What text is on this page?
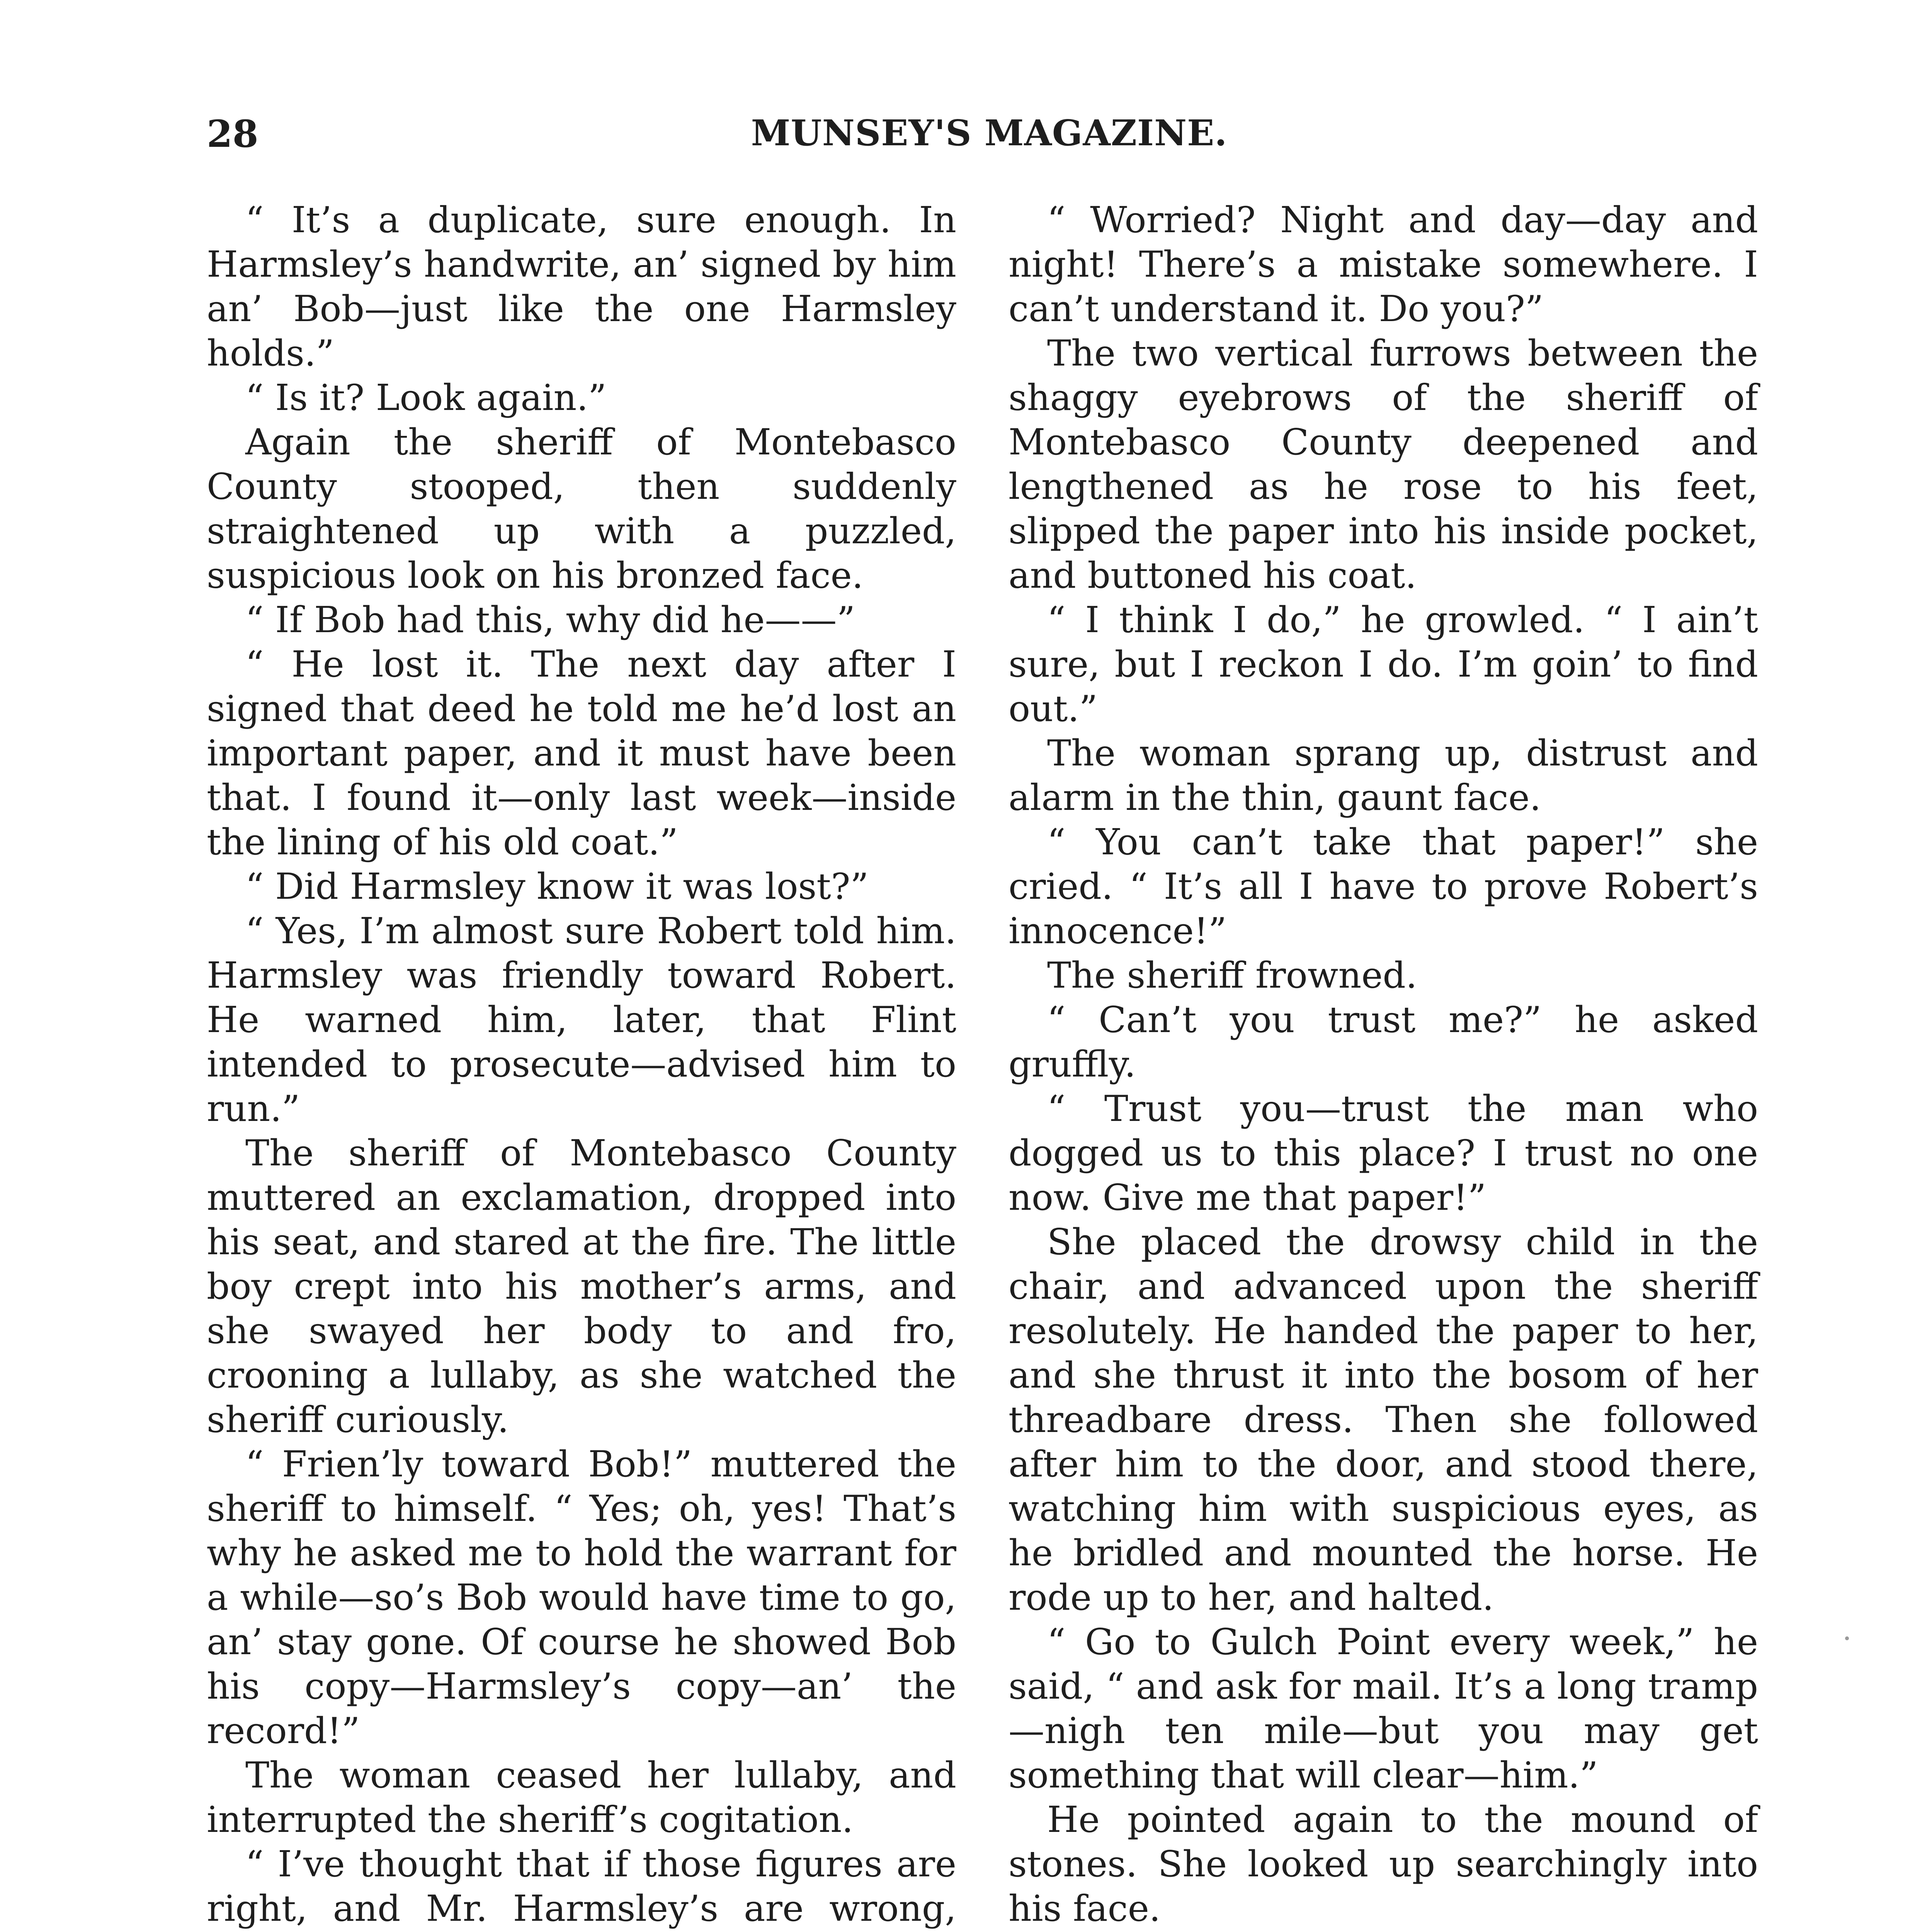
28	MUNSEY'S MAGAZINE.

“ It’s a duplicate, sure enough. In Harmsley’s handwrite, an’ signed by him an’ Bob—just like the one Harmsley holds.”

“ Is it? Look again.”

Again the sheriff of Montebasco County stooped, then suddenly straightened up with a puzzled, suspicious look on his bronzed face.

“ If Bob had this, why did he——”

“ He lost it. The next day after I signed that deed he told me he’d lost an important paper, and it must have been that. I found it—only last week—inside the lining of his old coat.”

“ Did Harmsley know it was lost?”

“ Yes, I’m almost sure Robert told him. Harmsley was friendly toward Robert. He warned him, later, that Flint intended to prosecute—advised him to run.”

The sheriff of Montebasco County muttered an exclamation, dropped into his seat, and stared at the fire. The little boy crept into his mother’s arms, and she swayed her body to and fro, crooning a lullaby, as she watched the sheriff curiously.

“ Frien’ly toward Bob!” muttered the sheriff to himself. “ Yes; oh, yes! That’s why he asked me to hold the warrant for a while—so’s Bob would have time to go, an’ stay gone. Of course he showed Bob his copy—Harmsley’s copy—an’ the record!”

The woman ceased her lullaby, and interrupted the sheriff’s cogitation.

“ I’ve thought that if those figures are right, and Mr. Harmsley’s are wrong,

“ Worried? Night and day—day and night! There’s a mistake somewhere. I can’t understand it. Do you?”

The two vertical furrows between the shaggy eyebrows of the sheriff of Montebasco County deepened and lengthened as he rose to his feet, slipped the paper into his inside pocket, and buttoned his coat.

“ I think I do,” he growled. “ I ain’t sure, but I reckon I do. I’m goin’ to find out.”

The woman sprang up, distrust and alarm in the thin, gaunt face.

“ You can’t take that paper!” she cried. “ It’s all I have to prove Robert’s innocence!”

The sheriff frowned.

“ Can’t you trust me?” he asked gruffly.

“ Trust you—trust the man who dogged us to this place? I trust no one now. Give me that paper!”

She placed the drowsy child in the chair, and advanced upon the sheriff resolutely. He handed the paper to her, and she thrust it into the bosom of her threadbare dress. Then she followed after him to the door, and stood there, watching him with suspicious eyes, as he bridled and mounted the horse. He rode up to her, and halted.

“ Go to Gulch Point every week,” he said, “ and ask for mail. It’s a long tramp—nigh ten mile—but you may get something that will clear—him.”

He pointed again to the mound of stones. She looked up searchingly into his face.
